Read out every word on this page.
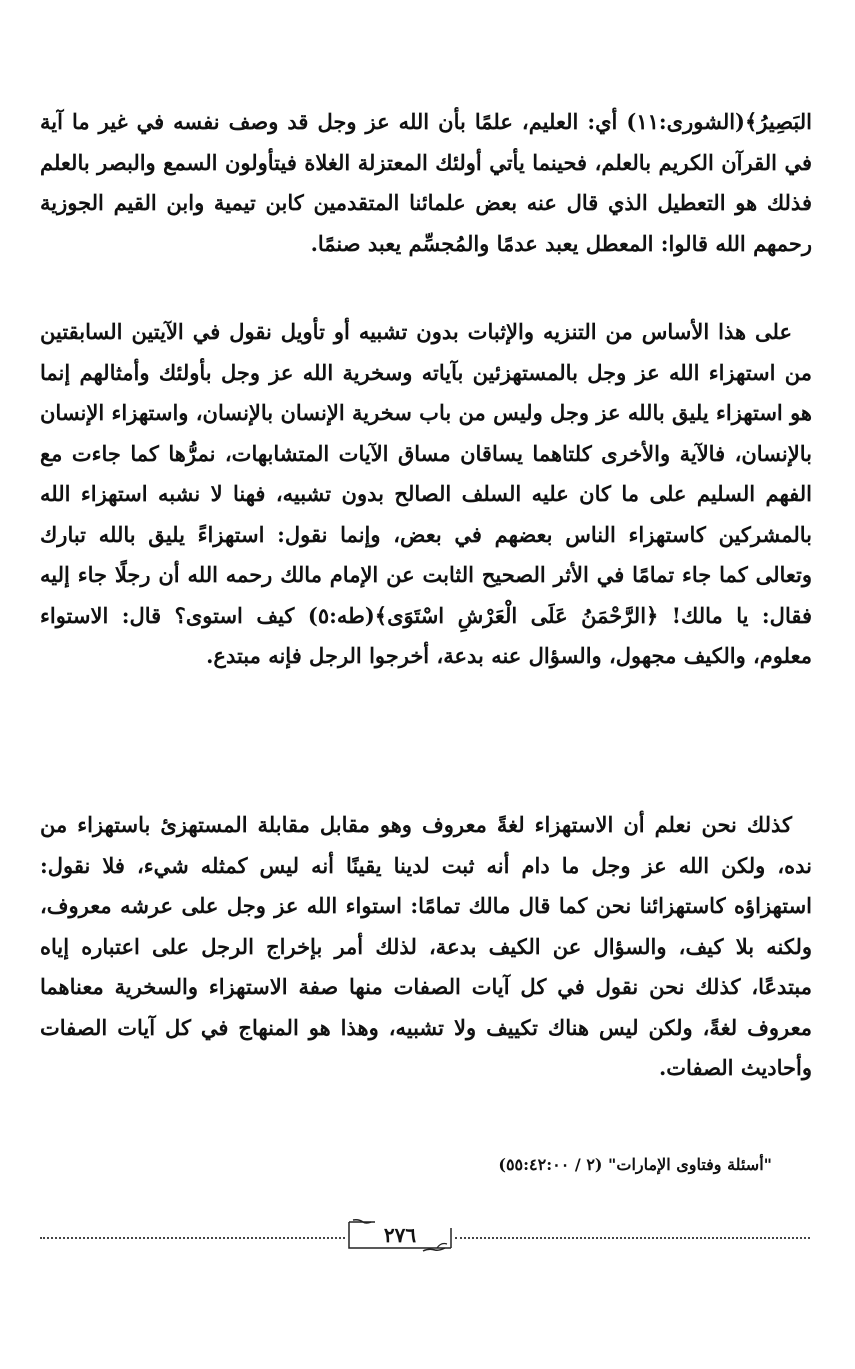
البَصِيرُ﴾(الشورى:١١) أي: العليم، علمًا بأن الله عز وجل قد وصف نفسه في غير ما آية في القرآن الكريم بالعلم، فحينما يأتي أولئك المعتزلة الغلاة فيتأولون السمع والبصر بالعلم فذلك هو التعطيل الذي قال عنه بعض علمائنا المتقدمين كابن تيمية وابن القيم الجوزية رحمهم الله قالوا: المعطل يعبد عدمًا والمُجسِّم يعبد صنمًا.

على هذا الأساس من التنزيه والإثبات بدون تشبيه أو تأويل نقول في الآيتين السابقتين من استهزاء الله عز وجل بالمستهزئين بآياته وسخرية الله عز وجل بأولئك وأمثالهم إنما هو استهزاء يليق بالله عز وجل وليس من باب سخرية الإنسان بالإنسان، واستهزاء الإنسان بالإنسان، فالآية والأخرى كلتاهما يساقان مساق الآيات المتشابهات، نمرُّها كما جاءت مع الفهم السليم على ما كان عليه السلف الصالح بدون تشبيه، فهنا لا نشبه استهزاء الله بالمشركين كاستهزاء الناس بعضهم في بعض، وإنما نقول: استهزاءً يليق بالله تبارك وتعالى كما جاء تمامًا في الأثر الصحيح الثابت عن الإمام مالك رحمه الله أن رجلًا جاء إليه فقال: يا مالك! ﴿الرَّحْمَنُ عَلَى الْعَرْشِ اسْتَوَى﴾(طه:٥) كيف استوى؟ قال: الاستواء معلوم، والكيف مجهول، والسؤال عنه بدعة، أخرجوا الرجل فإنه مبتدع.

كذلك نحن نعلم أن الاستهزاء لغةً معروف وهو مقابل مقابلة المستهزئ باستهزاء من نده، ولكن الله عز وجل ما دام أنه ثبت لدينا يقينًا أنه ليس كمثله شيء، فلا نقول: استهزاؤه كاستهزائنا نحن كما قال مالك تمامًا: استواء الله عز وجل على عرشه معروف، ولكنه بلا كيف، والسؤال عن الكيف بدعة، لذلك أمر بإخراج الرجل على اعتباره إياه مبتدعًا، كذلك نحن نقول في كل آيات الصفات منها صفة الاستهزاء والسخرية معناهما معروف لغةً، ولكن ليس هناك تكييف ولا تشبيه، وهذا هو المنهاج في كل آيات الصفات وأحاديث الصفات.

"أسئلة وفتاوى الإمارات" (٢ / ٥٥:٤٢:٠٠)
٢٧٦
